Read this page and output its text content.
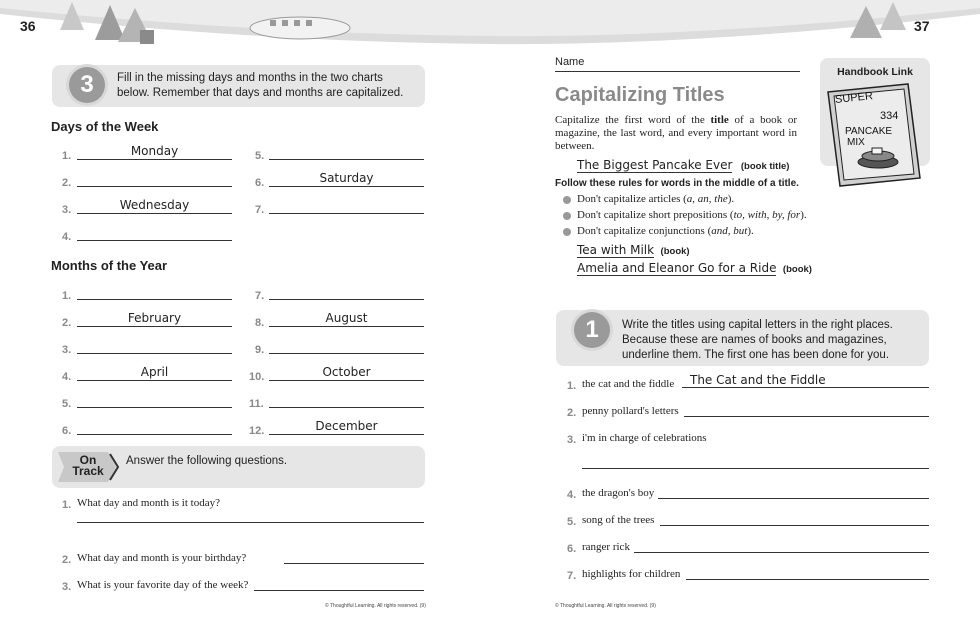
36
3	Fill in the missing days and months in the two charts below. Remember that days and months are capitalized.
Days of the Week
1.	Monday
2.
3.	Wednesday
4.
5.
6.	Saturday
7.
Months of the Year
1.
2.	February
3.
4.	April
5.
6.
7.
8.	August
9.
10.	October
11.
12.	December
On
Track
Answer the following questions.
1. What day and month is it today?
2. What day and month is your birthday?
3. What is your favorite day of the week?
© Thoughtful Learning. All rights reserved. (9)
37
Name
Capitalizing Titles
Capitalize the first word of the title of a book or magazine, the last word, and every important word in between.
The Biggest Pancake Ever (book title)
Follow these rules for words in the middle of a title.
Don't capitalize articles (a, an, the).
Don't capitalize short prepositions (to, with, by, for).
Don't capitalize conjunctions (and, but).
Tea with Milk (book)
Amelia and Eleanor Go for a Ride (book)
Handbook Link
SUPER
334
PANCAKE
MIX
1	Write the titles using capital letters in the right places. Because these are names of books and magazines, underline them. The first one has been done for you.
1. the cat and the fiddle	The Cat and the Fiddle
2. penny pollard's letters
3. i'm in charge of celebrations
4. the dragon's boy
5. song of the trees
6. ranger rick
7. highlights for children
© Thoughtful Learning. All rights reserved. (9)
